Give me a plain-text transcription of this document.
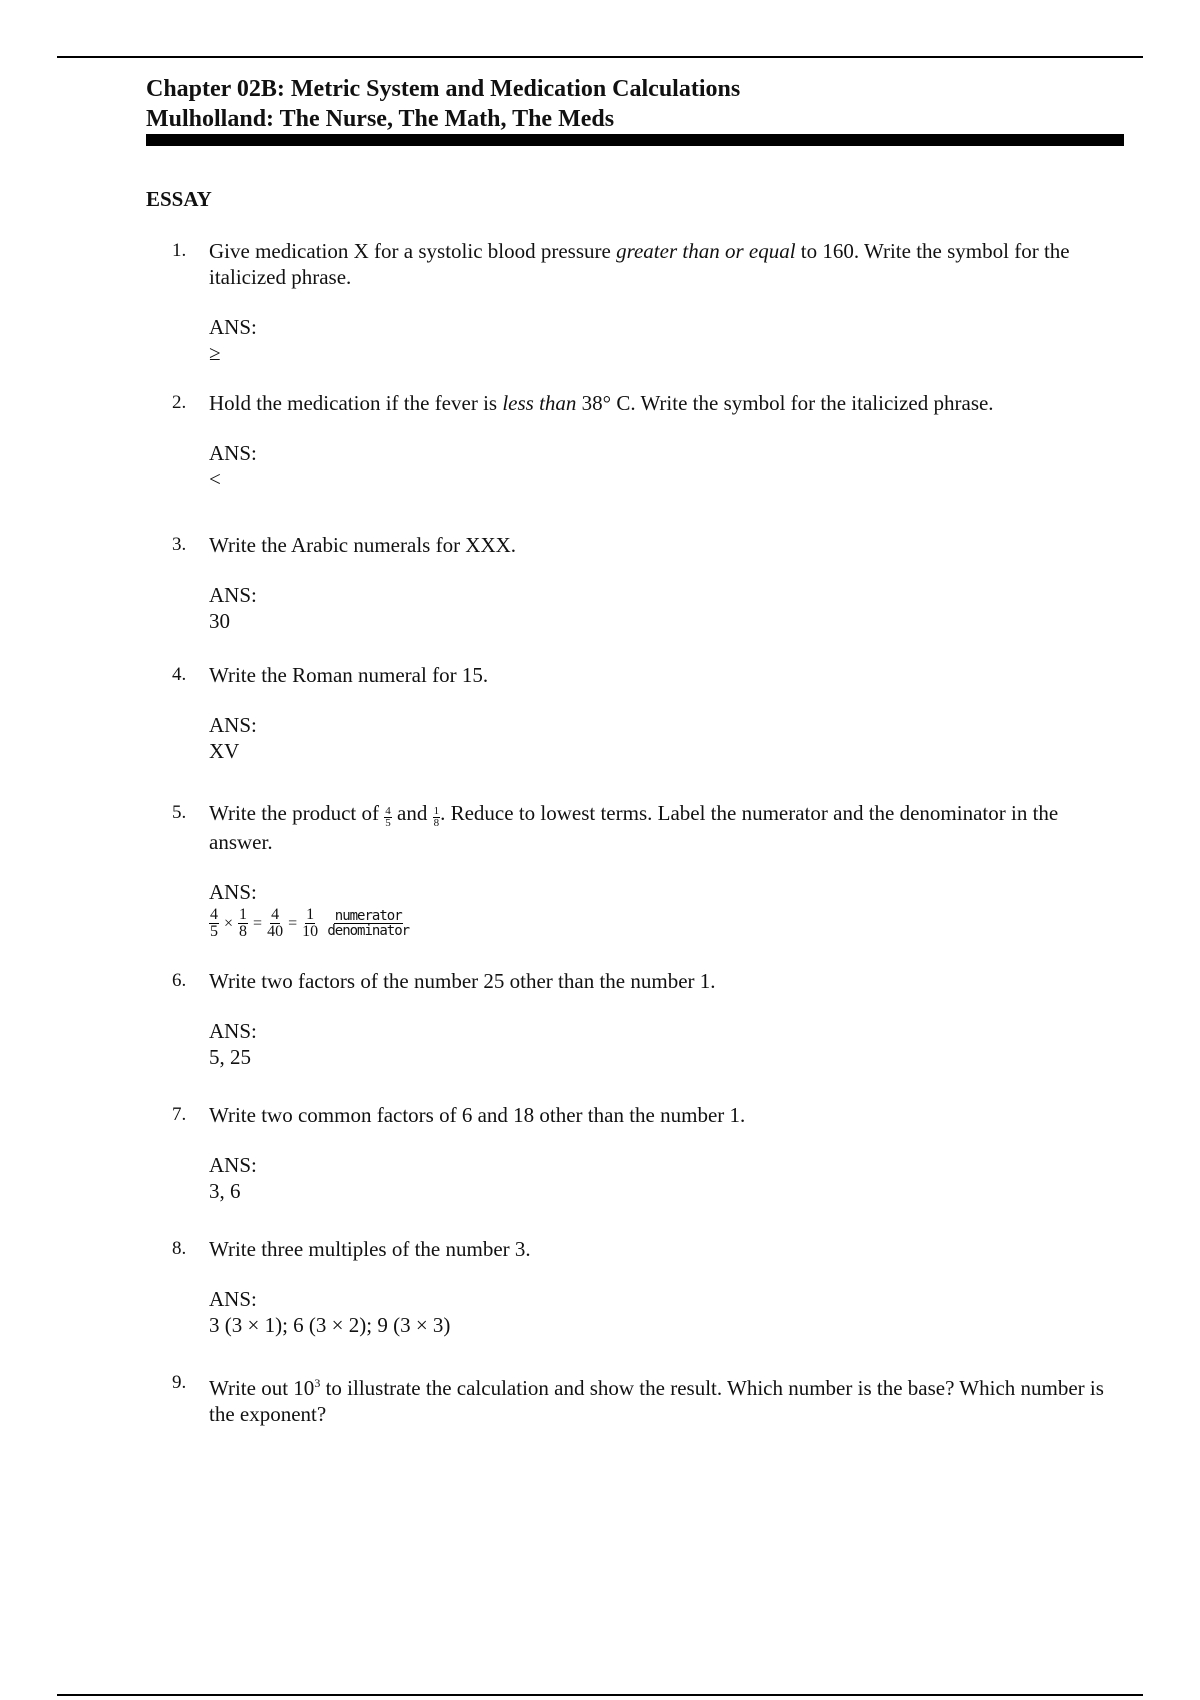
Chapter 02B: Metric System and Medication Calculations
Mulholland: The Nurse, The Math, The Meds
ESSAY
1. Give medication X for a systolic blood pressure greater than or equal to 160. Write the symbol for the italicized phrase.
ANS:
≥
2. Hold the medication if the fever is less than 38° C. Write the symbol for the italicized phrase.
ANS:
<
3. Write the Arabic numerals for XXX.
ANS:
30
4. Write the Roman numeral for 15.
ANS:
XV
5. Write the product of $\frac{4}{5}$ and $\frac{1}{8}$ . Reduce to lowest terms. Label the numerator and the denominator in the answer.
ANS:
$\frac{4}{5} \times \frac{1}{8} = \frac{4}{40} = \frac{1}{10}$
$\frac{\text{numerator}}{\text{denominator}}$
6. Write two factors of the number 25 other than the number 1.
ANS:
5, 25
7. Write two common factors of 6 and 18 other than the number 1.
ANS:
3, 6
8. Write three multiples of the number 3.
ANS:
3 (3 × 1); 6 (3 × 2); 9 (3 × 3)
9. Write out $10^3$ to illustrate the calculation and show the result. Which number is the base? Which number is the exponent?
